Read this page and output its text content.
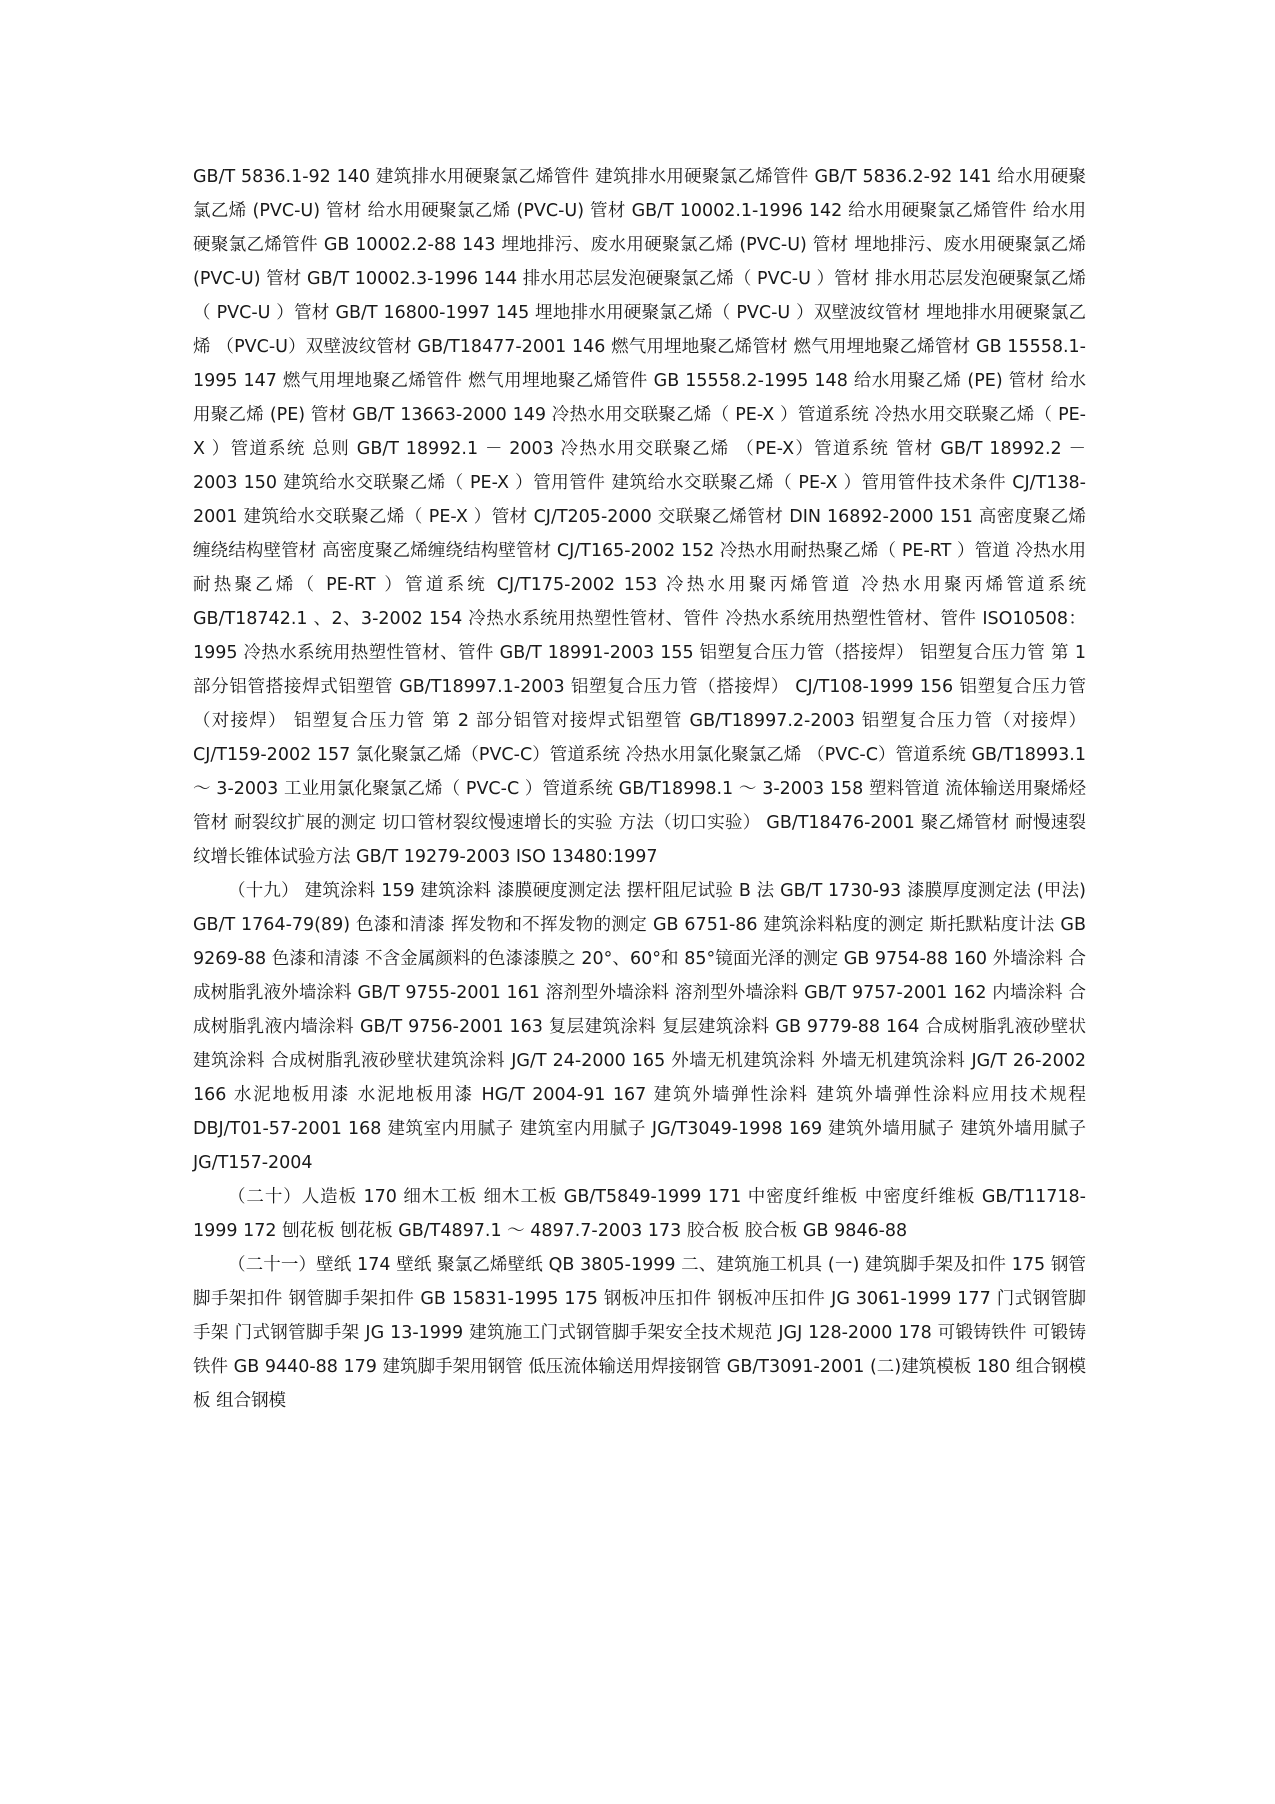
GB/T 5836.1-92 140 建筑排水用硬聚氯乙烯管件 建筑排水用硬聚氯乙烯管件 GB/T 5836.2-92 141 给水用硬聚氯乙烯 (PVC-U) 管材 给水用硬聚氯乙烯 (PVC-U) 管材 GB/T 10002.1-1996 142 给水用硬聚氯乙烯管件 给水用硬聚氯乙烯管件 GB 10002.2-88 143 埋地排污、废水用硬聚氯乙烯 (PVC-U) 管材 埋地排污、废水用硬聚氯乙烯 (PVC-U) 管材 GB/T 10002.3-1996 144 排水用芯层发泡硬聚氯乙烯（ PVC-U ）管材 排水用芯层发泡硬聚氯乙烯（ PVC-U ）管材 GB/T 16800-1997 145 埋地排水用硬聚氯乙烯（ PVC-U ）双壁波纹管材 埋地排水用硬聚氯乙烯 （PVC-U）双壁波纹管材 GB/T18477-2001 146 燃气用埋地聚乙烯管材 燃气用埋地聚乙烯管材 GB 15558.1-1995 147 燃气用埋地聚乙烯管件 燃气用埋地聚乙烯管件 GB 15558.2-1995 148 给水用聚乙烯 (PE) 管材 给水用聚乙烯 (PE) 管材 GB/T 13663-2000 149 冷热水用交联聚乙烯（ PE-X ）管道系统 冷热水用交联聚乙烯（ PE-X ）管道系统 总则 GB/T 18992.1 － 2003 冷热水用交联聚乙烯 （PE-X）管道系统 管材 GB/T 18992.2 － 2003 150 建筑给水交联聚乙烯（ PE-X ）管用管件 建筑给水交联聚乙烯（ PE-X ）管用管件技术条件 CJ/T138-2001 建筑给水交联聚乙烯（ PE-X ）管材 CJ/T205-2000 交联聚乙烯管材 DIN 16892-2000 151 高密度聚乙烯缠绕结构壁管材 高密度聚乙烯缠绕结构壁管材 CJ/T165-2002 152 冷热水用耐热聚乙烯（ PE-RT ）管道 冷热水用耐热聚乙烯（ PE-RT ）管道系统 CJ/T175-2002 153 冷热水用聚丙烯管道 冷热水用聚丙烯管道系统 GB/T18742.1 、2、3-2002 154 冷热水系统用热塑性管材、管件 冷热水系统用热塑性管材、管件 ISO10508：1995 冷热水系统用热塑性管材、管件 GB/T 18991-2003 155 铝塑复合压力管（搭接焊） 铝塑复合压力管 第 1 部分铝管搭接焊式铝塑管 GB/T18997.1-2003 铝塑复合压力管（搭接焊） CJ/T108-1999 156 铝塑复合压力管（对接焊） 铝塑复合压力管 第 2 部分铝管对接焊式铝塑管 GB/T18997.2-2003 铝塑复合压力管（对接焊） CJ/T159-2002 157 氯化聚氯乙烯（PVC-C）管道系统 冷热水用氯化聚氯乙烯 （PVC-C）管道系统 GB/T18993.1 ～ 3-2003 工业用氯化聚氯乙烯（ PVC-C ）管道系统 GB/T18998.1 ～ 3-2003 158 塑料管道 流体输送用聚烯烃管材 耐裂纹扩展的测定 切口管材裂纹慢速增长的实验 方法（切口实验） GB/T18476-2001 聚乙烯管材 耐慢速裂纹增长锥体试验方法 GB/T 19279-2003 ISO 13480:1997

（十九） 建筑涂料 159 建筑涂料 漆膜硬度测定法 摆杆阻尼试验 B 法 GB/T 1730-93 漆膜厚度测定法 (甲法) GB/T 1764-79(89) 色漆和清漆 挥发物和不挥发物的测定 GB 6751-86 建筑涂料粘度的测定 斯托默粘度计法 GB 9269-88 色漆和清漆 不含金属颜料的色漆漆膜之 20°、60°和 85°镜面光泽的测定 GB 9754-88 160 外墙涂料 合成树脂乳液外墙涂料 GB/T 9755-2001 161 溶剂型外墙涂料 溶剂型外墙涂料 GB/T 9757-2001 162 内墙涂料 合成树脂乳液内墙涂料 GB/T 9756-2001 163 复层建筑涂料 复层建筑涂料 GB 9779-88 164 合成树脂乳液砂壁状建筑涂料 合成树脂乳液砂壁状建筑涂料 JG/T 24-2000 165 外墙无机建筑涂料 外墙无机建筑涂料 JG/T 26-2002 166 水泥地板用漆 水泥地板用漆 HG/T 2004-91 167 建筑外墙弹性涂料 建筑外墙弹性涂料应用技术规程 DBJ/T01-57-2001 168 建筑室内用腻子 建筑室内用腻子 JG/T3049-1998 169 建筑外墙用腻子 建筑外墙用腻子 JG/T157-2004

（二十）人造板 170 细木工板 细木工板 GB/T5849-1999 171 中密度纤维板 中密度纤维板 GB/T11718-1999 172 刨花板 刨花板 GB/T4897.1 ～ 4897.7-2003 173 胶合板 胶合板 GB 9846-88

（二十一）壁纸 174 壁纸 聚氯乙烯壁纸 QB 3805-1999 二、建筑施工机具 (一) 建筑脚手架及扣件 175 钢管脚手架扣件 钢管脚手架扣件 GB 15831-1995 175 钢板冲压扣件 钢板冲压扣件 JG 3061-1999 177 门式钢管脚手架 门式钢管脚手架 JG 13-1999 建筑施工门式钢管脚手架安全技术规范 JGJ 128-2000 178 可锻铸铁件 可锻铸铁件 GB 9440-88 179 建筑脚手架用钢管 低压流体输送用焊接钢管 GB/T3091-2001 (二)建筑模板 180 组合钢模板 组合钢模
